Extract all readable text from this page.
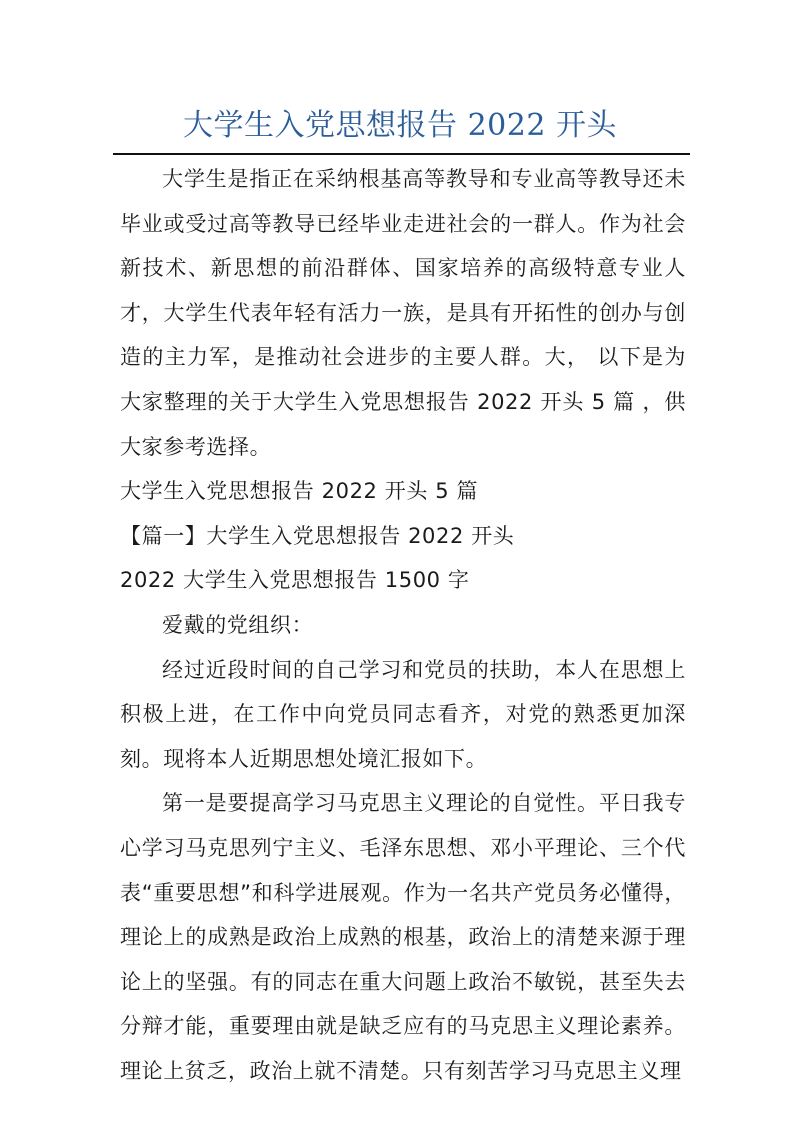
大学生入党思想报告 2022 开头

大学生是指正在采纳根基高等教导和专业高等教导还未毕业或受过高等教导已经毕业走进社会的一群人。作为社会新技术、新思想的前沿群体、国家培养的高级特意专业人才，大学生代表年轻有活力一族，是具有开拓性的创办与创造的主力军，是推动社会进步的主要人群。大， 以下是为大家整理的关于大学生入党思想报告 2022 开头 5 篇 ，供大家参考选择。

大学生入党思想报告 2022 开头 5 篇

【篇一】大学生入党思想报告 2022 开头

2022 大学生入党思想报告 1500 字

爱戴的党组织：

经过近段时间的自己学习和党员的扶助，本人在思想上积极上进，在工作中向党员同志看齐，对党的熟悉更加深刻。现将本人近期思想处境汇报如下。

第一是要提高学习马克思主义理论的自觉性。平日我专心学习马克思列宁主义、毛泽东思想、邓小平理论、三个代表“重要思想”和科学进展观。作为一名共产党员务必懂得，理论上的成熟是政治上成熟的根基，政治上的清楚来源于理论上的坚强。有的同志在重大问题上政治不敏锐，甚至失去分辩才能，重要理由就是缺乏应有的马克思主义理论素养。理论上贫乏，政治上就不清楚。只有刻苦学习马克思主义理
